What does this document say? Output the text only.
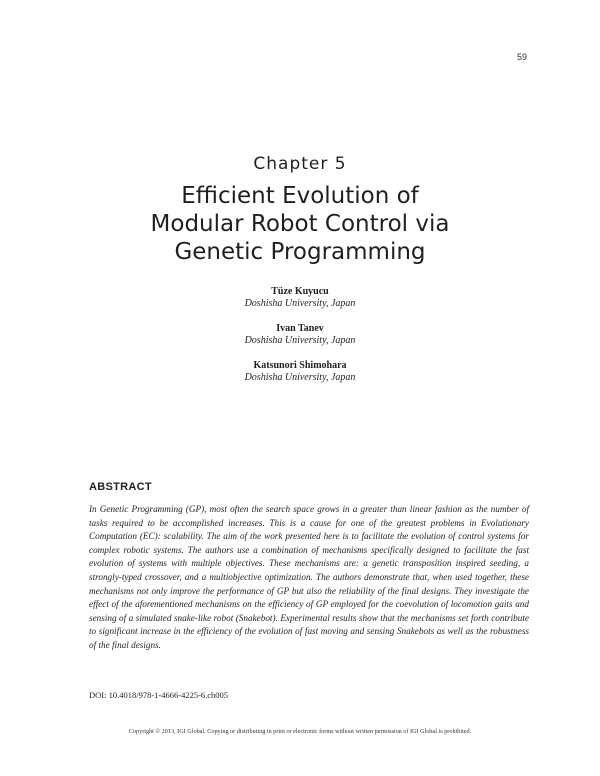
59
Chapter 5
Efficient Evolution of
Modular Robot Control via
Genetic Programming
Tüze Kuyucu
Doshisha University, Japan
Ivan Tanev
Doshisha University, Japan
Katsunori Shimohara
Doshisha University, Japan
ABSTRACT
In Genetic Programming (GP), most often the search space grows in a greater than linear fashion as the number of tasks required to be accomplished increases. This is a cause for one of the greatest problems in Evolutionary Computation (EC): scalability. The aim of the work presented here is to facilitate the evolution of control systems for complex robotic systems. The authors use a combination of mechanisms specifically designed to facilitate the fast evolution of systems with multiple objectives. These mechanisms are: a genetic transposition inspired seeding, a strongly-typed crossover, and a multiobjective optimization. The authors demonstrate that, when used together, these mechanisms not only improve the performance of GP but also the reliability of the final designs. They investigate the effect of the aforementioned mechanisms on the efficiency of GP employed for the coevolution of locomotion gaits and sensing of a simulated snake-like robot (Snakebot). Experimental results show that the mechanisms set forth contribute to significant increase in the efficiency of the evolution of fast moving and sensing Snakebots as well as the robustness of the final designs.
DOI: 10.4018/978-1-4666-4225-6.ch005
Copyright © 2013, IGI Global. Copying or distributing in print or electronic forms without written permission of IGI Global is prohibited.
